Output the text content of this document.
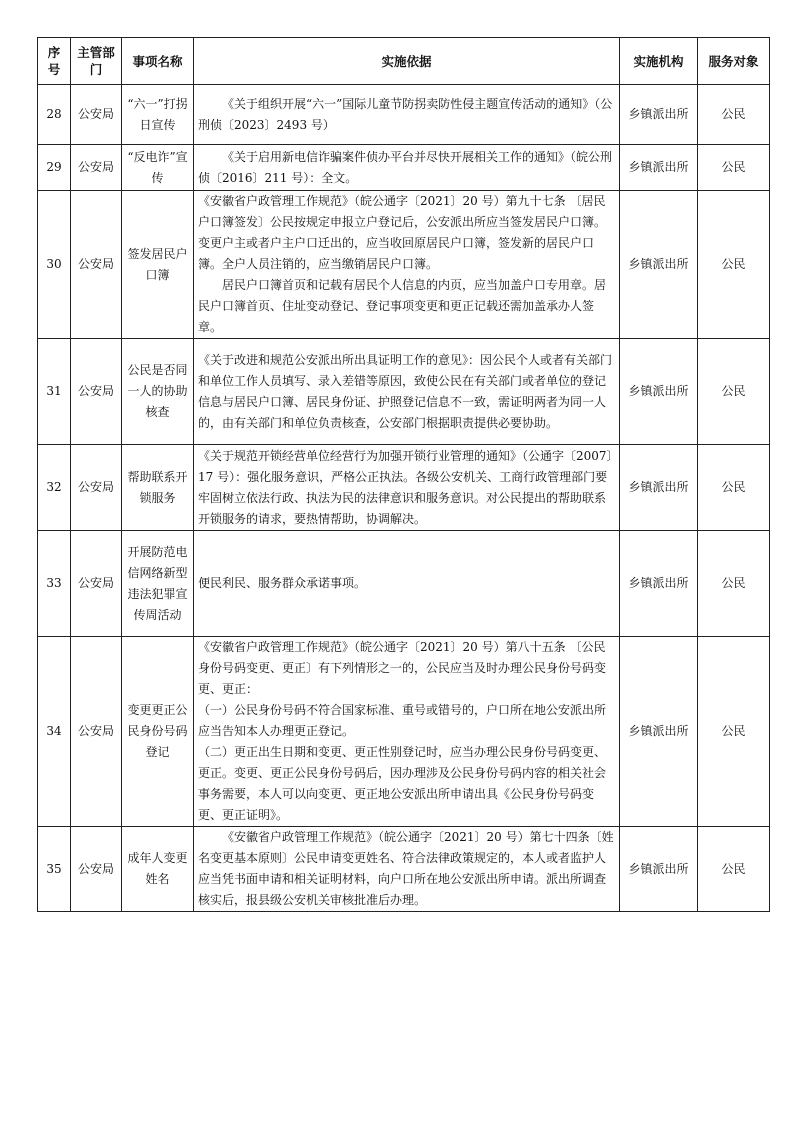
序号	主管部门	事项名称	实施依据	实施机构	服务对象
28	公安局	“六一”打拐日宣传	《关于组织开展“六一”国际儿童节防拐卖防性侵主题宣传活动的通知》（公刑侦〔2023〕2493 号）	乡镇派出所	公民
29	公安局	“反电诈”宣传	《关于启用新电信诈骗案件侦办平台并尽快开展相关工作的通知》（皖公刑侦〔2016〕211 号）：全文。	乡镇派出所	公民
30	公安局	签发居民户口簿	《安徽省户政管理工作规范》（皖公通字〔2021〕20 号）第九十七条 〔居民户口簿签发〕公民按规定申报立户登记后，公安派出所应当签发居民户口簿。变更户主或者户主户口迁出的，应当收回原居民户口簿，签发新的居民户口簿。全户人员注销的，应当缴销居民户口簿。

居民户口簿首页和记载有居民个人信息的内页，应当加盖户口专用章。居民户口簿首页、住址变动登记、登记事项变更和更正记载还需加盖承办人签章。	乡镇派出所	公民
31	公安局	公民是否同一人的协助核查	《关于改进和规范公安派出所出具证明工作的意见》：因公民个人或者有关部门和单位工作人员填写、录入差错等原因，致使公民在有关部门或者单位的登记信息与居民户口簿、居民身份证、护照登记信息不一致，需证明两者为同一人的，由有关部门和单位负责核查，公安部门根据职责提供必要协助。	乡镇派出所	公民
32	公安局	帮助联系开锁服务	《关于规范开锁经营单位经营行为加强开锁行业管理的通知》（公通字〔2007〕17 号）：强化服务意识，严格公正执法。各级公安机关、工商行政管理部门要牢固树立依法行政、执法为民的法律意识和服务意识。对公民提出的帮助联系开锁服务的请求，要热情帮助，协调解决。	乡镇派出所	公民
33	公安局	开展防范电信网络新型违法犯罪宣传周活动	便民利民、服务群众承诺事项。	乡镇派出所	公民
34	公安局	变更更正公民身份号码登记	《安徽省户政管理工作规范》（皖公通字〔2021〕20 号）第八十五条 〔公民身份号码变更、更正〕有下列情形之一的，公民应当及时办理公民身份号码变更、更正：

（一）公民身份号码不符合国家标准、重号或错号的，户口所在地公安派出所应当告知本人办理更正登记。

（二）更正出生日期和变更、更正性别登记时，应当办理公民身份号码变更、更正。变更、更正公民身份号码后，因办理涉及公民身份号码内容的相关社会事务需要，本人可以向变更、更正地公安派出所申请出具《公民身份号码变更、更正证明》。	乡镇派出所	公民
35	公安局	成年人变更姓名	《安徽省户政管理工作规范》（皖公通字〔2021〕20 号）第七十四条〔姓名变更基本原则〕公民申请变更姓名、符合法律政策规定的，本人或者监护人应当凭书面申请和相关证明材料，向户口所在地公安派出所申请。派出所调查核实后，报县级公安机关审核批准后办理。	乡镇派出所	公民
